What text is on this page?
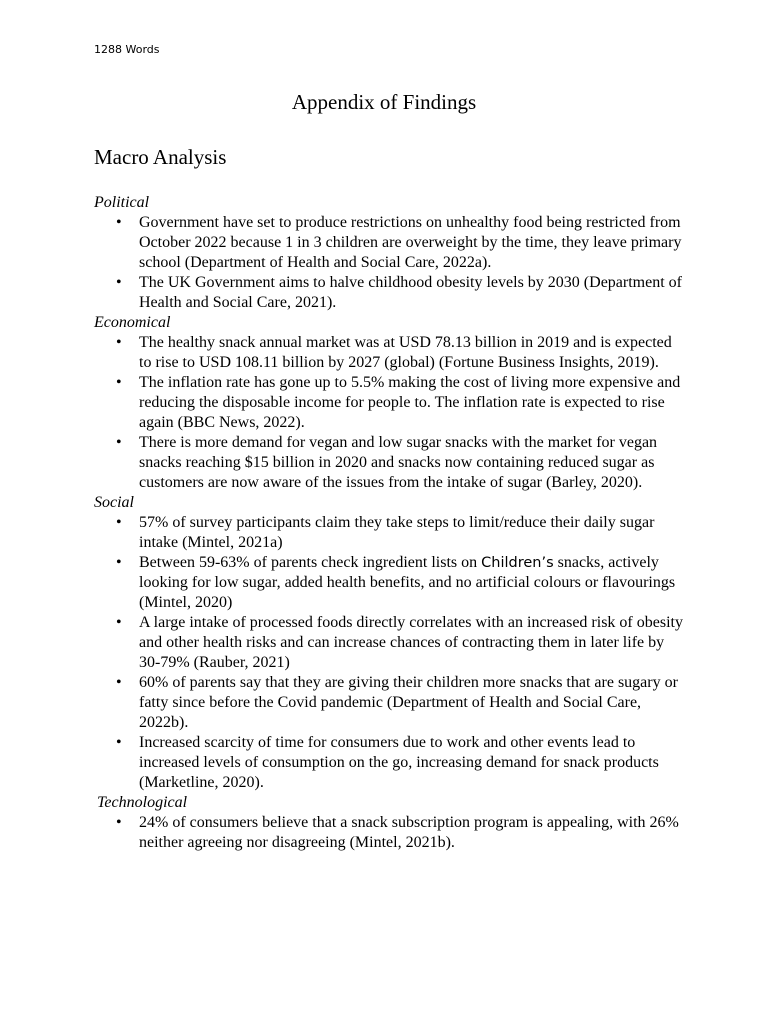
1288 Words
Appendix of Findings
Macro Analysis

Political

• Government have set to produce restrictions on unhealthy food being restricted from October 2022 because 1 in 3 children are overweight by the time, they leave primary school (Department of Health and Social Care, 2022a).
• The UK Government aims to halve childhood obesity levels by 2030 (Department of Health and Social Care, 2021).

Economical

• The healthy snack annual market was at USD 78.13 billion in 2019 and is expected to rise to USD 108.11 billion by 2027 (global) (Fortune Business Insights, 2019).
• The inflation rate has gone up to 5.5% making the cost of living more expensive and reducing the disposable income for people to. The inflation rate is expected to rise again (BBC News, 2022).
• There is more demand for vegan and low sugar snacks with the market for vegan snacks reaching $15 billion in 2020 and snacks now containing reduced sugar as customers are now aware of the issues from the intake of sugar (Barley, 2020).

Social

• 57% of survey participants claim they take steps to limit/reduce their daily sugar intake (Mintel, 2021a)
• Between 59-63% of parents check ingredient lists on Children’s snacks, actively looking for low sugar, added health benefits, and no artificial colours or flavourings (Mintel, 2020)
• A large intake of processed foods directly correlates with an increased risk of obesity and other health risks and can increase chances of contracting them in later life by 30-79% (Rauber, 2021)
• 60% of parents say that they are giving their children more snacks that are sugary or fatty since before the Covid pandemic (Department of Health and Social Care, 2022b).
• Increased scarcity of time for consumers due to work and other events lead to increased levels of consumption on the go, increasing demand for snack products (Marketline, 2020).

Technological

• 24% of consumers believe that a snack subscription program is appealing, with 26% neither agreeing nor disagreeing (Mintel, 2021b).
